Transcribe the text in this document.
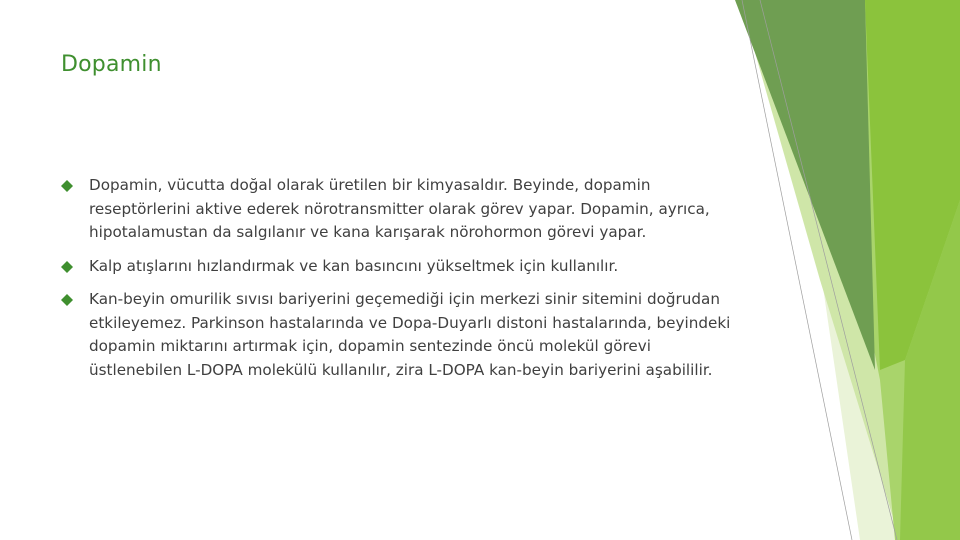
Dopamin
Dopamin, vücutta doğal olarak üretilen bir kimyasaldır. Beyinde, dopamin reseptörlerini aktive ederek nörotransmitter olarak görev yapar. Dopamin, ayrıca, hipotalamustan da salgılanır ve kana karışarak nörohormon görevi yapar.
Kalp atışlarını hızlandırmak ve kan basıncını yükseltmek için kullanılır.
Kan-beyin omurilik sıvısı bariyerini geçemediği için merkezi sinir sitemini doğrudan etkileyemez. Parkinson hastalarında ve Dopa-Duyarlı distoni hastalarında, beyindeki dopamin miktarını artırmak için, dopamin sentezinde öncü molekül görevi üstlenebilen L-DOPA molekülü kullanılır, zira L-DOPA kan-beyin bariyerini aşabililir.
